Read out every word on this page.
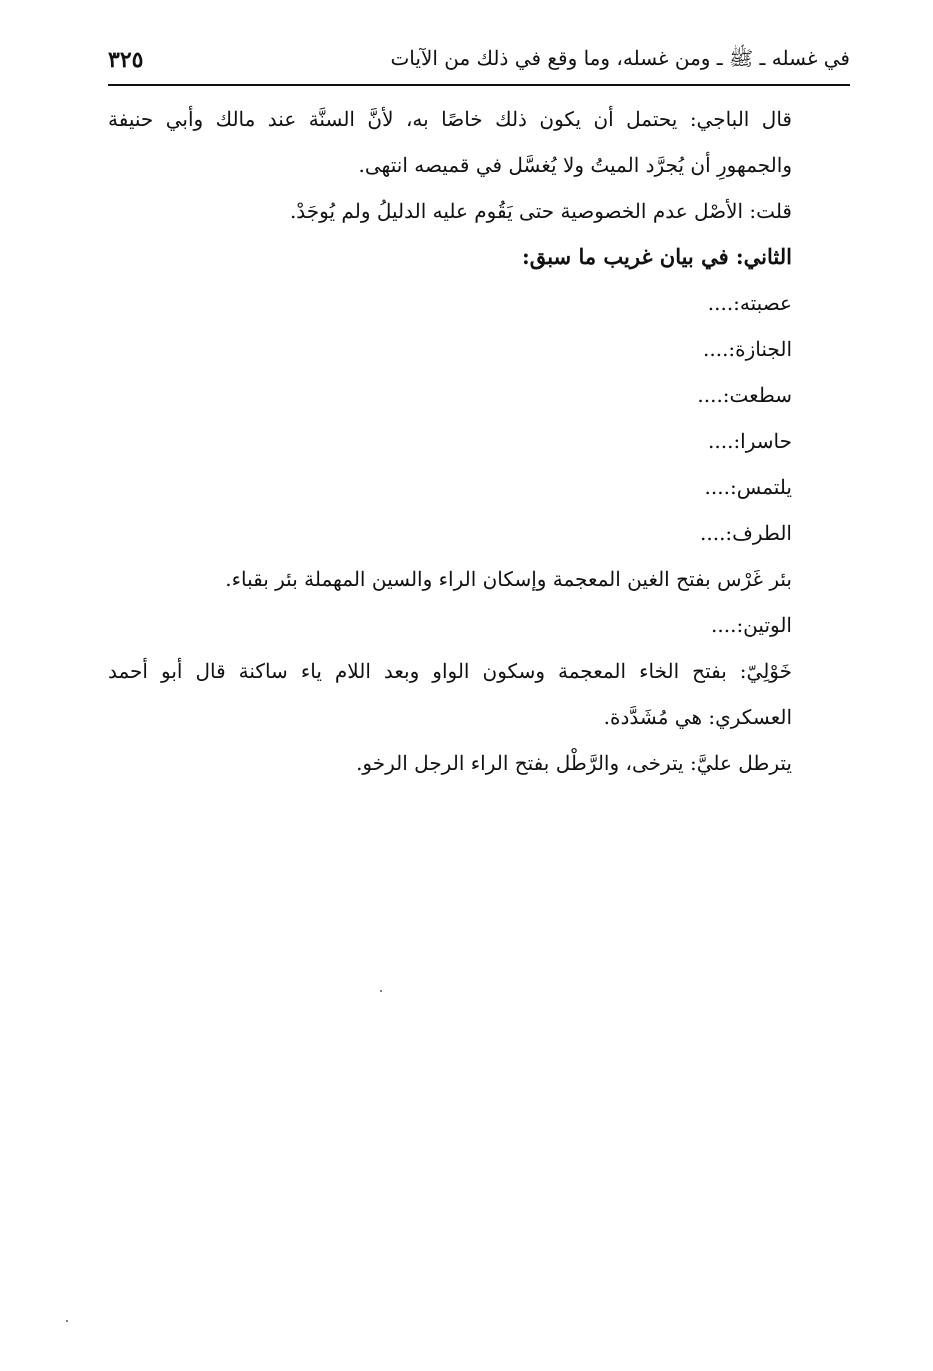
في غسله ـ ﷺ ـ ومن غسله، وما وقع في ذلك من الآيات
٣٢٥

قال الباجي: يحتمل أن يكون ذلك خاصًا به، لأنَّ السنَّة عند مالك وأبي حنيفة والجمهورِ أن يُجرَّد الميتُ ولا يُغسَّل في قميصه انتهى.

قلت: الأصْل عدم الخصوصية حتى يَقُوم عليه الدليلُ ولم يُوجَدْ.

الثاني: في بيان غريب ما سبق:

عصبته:....

الجنازة:....

سطعت:....

حاسرا:....

يلتمس:....

الطرف:....

بئر غَرْس بفتح الغين المعجمة وإسكان الراء والسين المهملة بئر بقباء.

الوتين:....

خَوْلِيّ: بفتح الخاء المعجمة وسكون الواو وبعد اللام ياء ساكنة قال أبو أحمد العسكري: هي مُشَدَّدة.

يترطل عليَّ: يترخى، والرَّطْل بفتح الراء الرجل الرخو.
